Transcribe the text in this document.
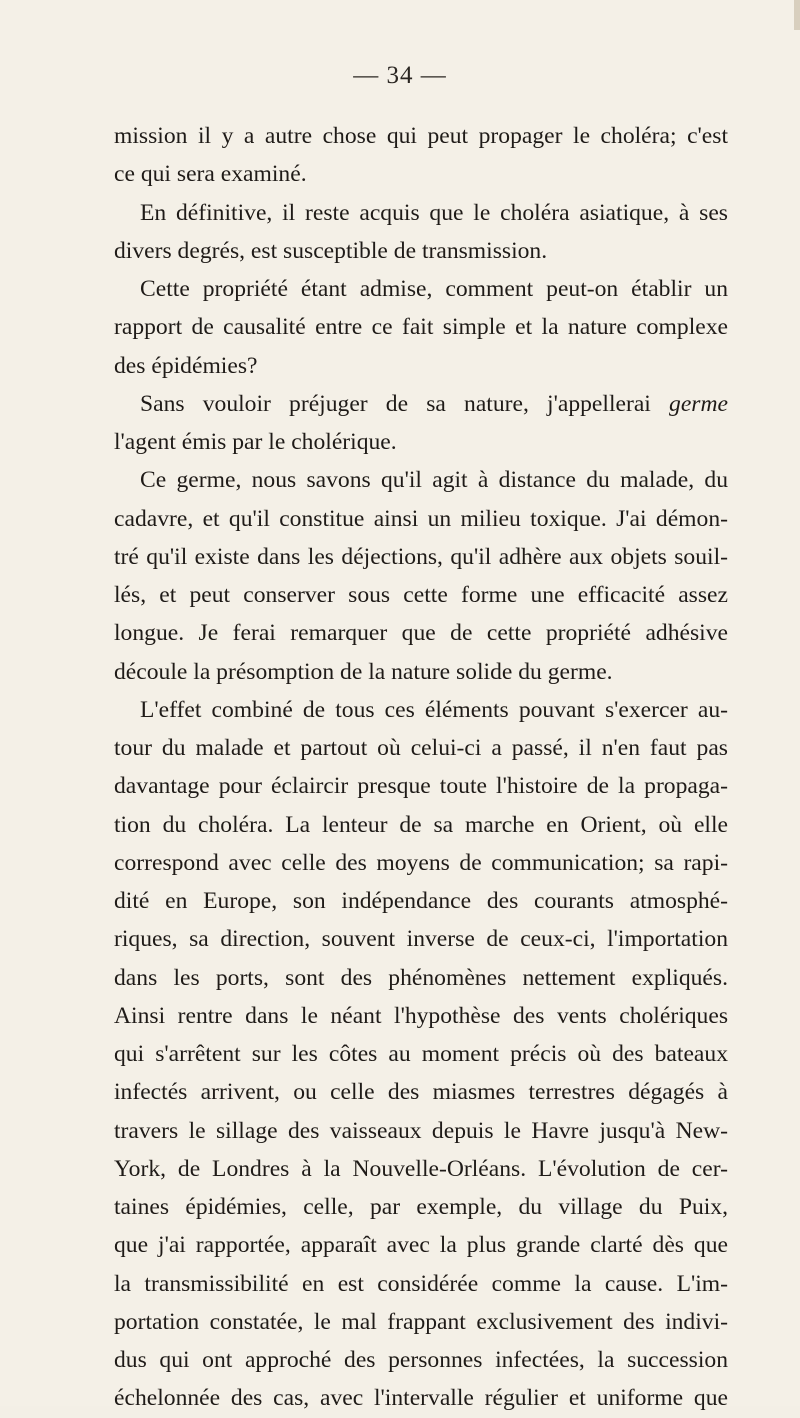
— 34 —
mission il y a autre chose qui peut propager le choléra; c'est
ce qui sera examiné.
En définitive, il reste acquis que le choléra asiatique, à ses
divers degrés, est susceptible de transmission.
Cette propriété étant admise, comment peut-on établir un
rapport de causalité entre ce fait simple et la nature complexe
des épidémies?
Sans vouloir préjuger de sa nature, j'appellerai germe
l'agent émis par le cholérique.
Ce germe, nous savons qu'il agit à distance du malade, du
cadavre, et qu'il constitue ainsi un milieu toxique. J'ai démon-
tré qu'il existe dans les déjections, qu'il adhère aux objets souil-
lés, et peut conserver sous cette forme une efficacité assez
longue. Je ferai remarquer que de cette propriété adhésive
découle la présomption de la nature solide du germe.
L'effet combiné de tous ces éléments pouvant s'exercer au-
tour du malade et partout où celui-ci a passé, il n'en faut pas
davantage pour éclaircir presque toute l'histoire de la propaga-
tion du choléra. La lenteur de sa marche en Orient, où elle
correspond avec celle des moyens de communication; sa rapi-
dité en Europe, son indépendance des courants atmosphé-
riques, sa direction, souvent inverse de ceux-ci, l'importation
dans les ports, sont des phénomènes nettement expliqués.
Ainsi rentre dans le néant l'hypothèse des vents cholériques
qui s'arrêtent sur les côtes au moment précis où des bateaux
infectés arrivent, ou celle des miasmes terrestres dégagés à
travers le sillage des vaisseaux depuis le Havre jusqu'à New-
York, de Londres à la Nouvelle-Orléans. L'évolution de cer-
taines épidémies, celle, par exemple, du village du Puix,
que j'ai rapportée, apparaît avec la plus grande clarté dès que
la transmissibilité en est considérée comme la cause. L'im-
portation constatée, le mal frappant exclusivement des indivi-
dus qui ont approché des personnes infectées, la succession
échelonnée des cas, avec l'intervalle régulier et uniforme que
